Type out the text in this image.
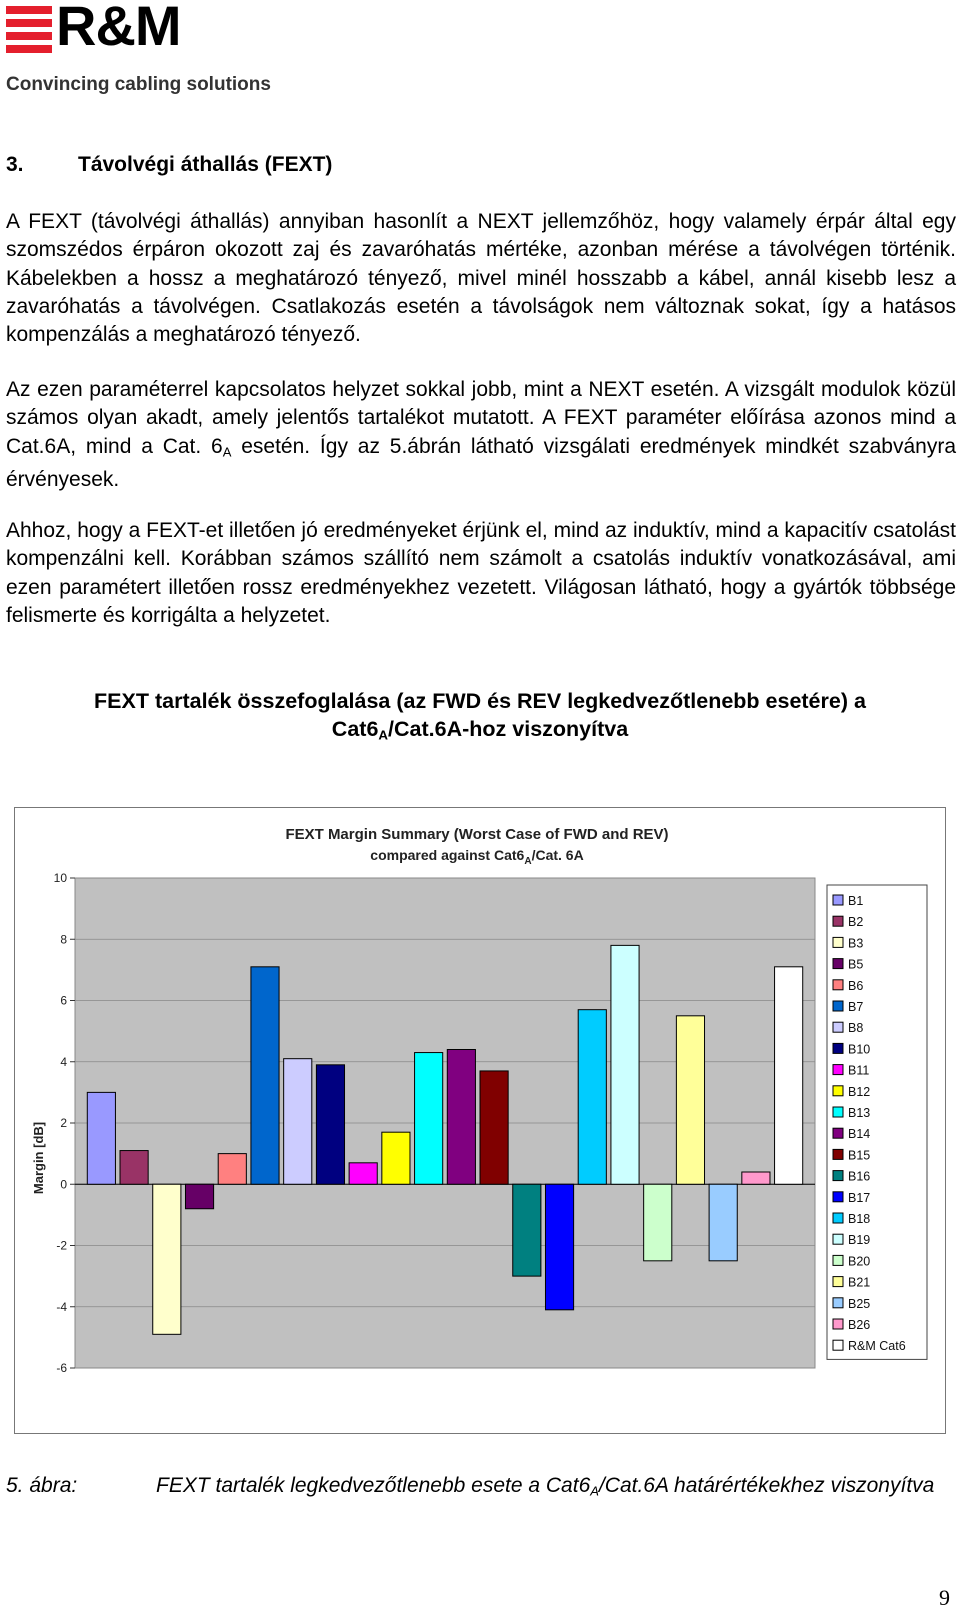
R&M
Convincing cabling solutions
3.	Távolvégi áthallás (FEXT)

A FEXT (távolvégi áthallás) annyiban hasonlít a NEXT jellemzőhöz, hogy valamely érpár által egy szomszédos érpáron okozott zaj és zavaróhatás mértéke, azonban mérése a távolvégen történik. Kábelekben a hossz a meghatározó tényező, mivel minél hosszabb a kábel, annál kisebb lesz a zavaróhatás a távolvégen. Csatlakozás esetén a távolságok nem változnak sokat, így a hatásos kompenzálás a meghatározó tényező.

Az ezen paraméterrel kapcsolatos helyzet sokkal jobb, mint a NEXT esetén. A vizsgált modulok közül számos olyan akadt, amely jelentős tartalékot mutatott. A FEXT paraméter előírása azonos mind a Cat.6A, mind a Cat. $6_A$ esetén. Így az 5.ábrán látható vizsgálati eredmények mindkét szabványra érvényesek.

Ahhoz, hogy a FEXT-et illetően jó eredményeket érjünk el, mind az induktív, mind a kapacitív csatolást kompenzálni kell. Korábban számos szállító nem számolt a csatolás induktív vonatkozásával, ami ezen paramétert illetően rossz eredményekhez vezetett. Világosan látható, hogy a gyártók többsége felismerte és korrigálta a helyzetet.

FEXT tartalék összefoglalása (az FWD és REV legkedvezőtlenebb esetére) a
$Cat6_A/Cat.6A$-hoz viszonyítva
FEXT Margin Summary (Worst Case of FWD and REV)
compared against $Cat6_A$/Cat. 6A
Margin [dB]
10
8
6
4
2
0
-2
-4
-6
B1
B2
B3
B5
B6
B7
B8
B10
B11
B12
B13
B14
B15
B16
B17
B18
B19
B20
B21
B25
B26
R&M Cat6
5. ábra:	FEXT tartalék legkedvezőtlenebb esete a $Cat6_A/Cat.6A$ határértékekhez viszonyítva
9
